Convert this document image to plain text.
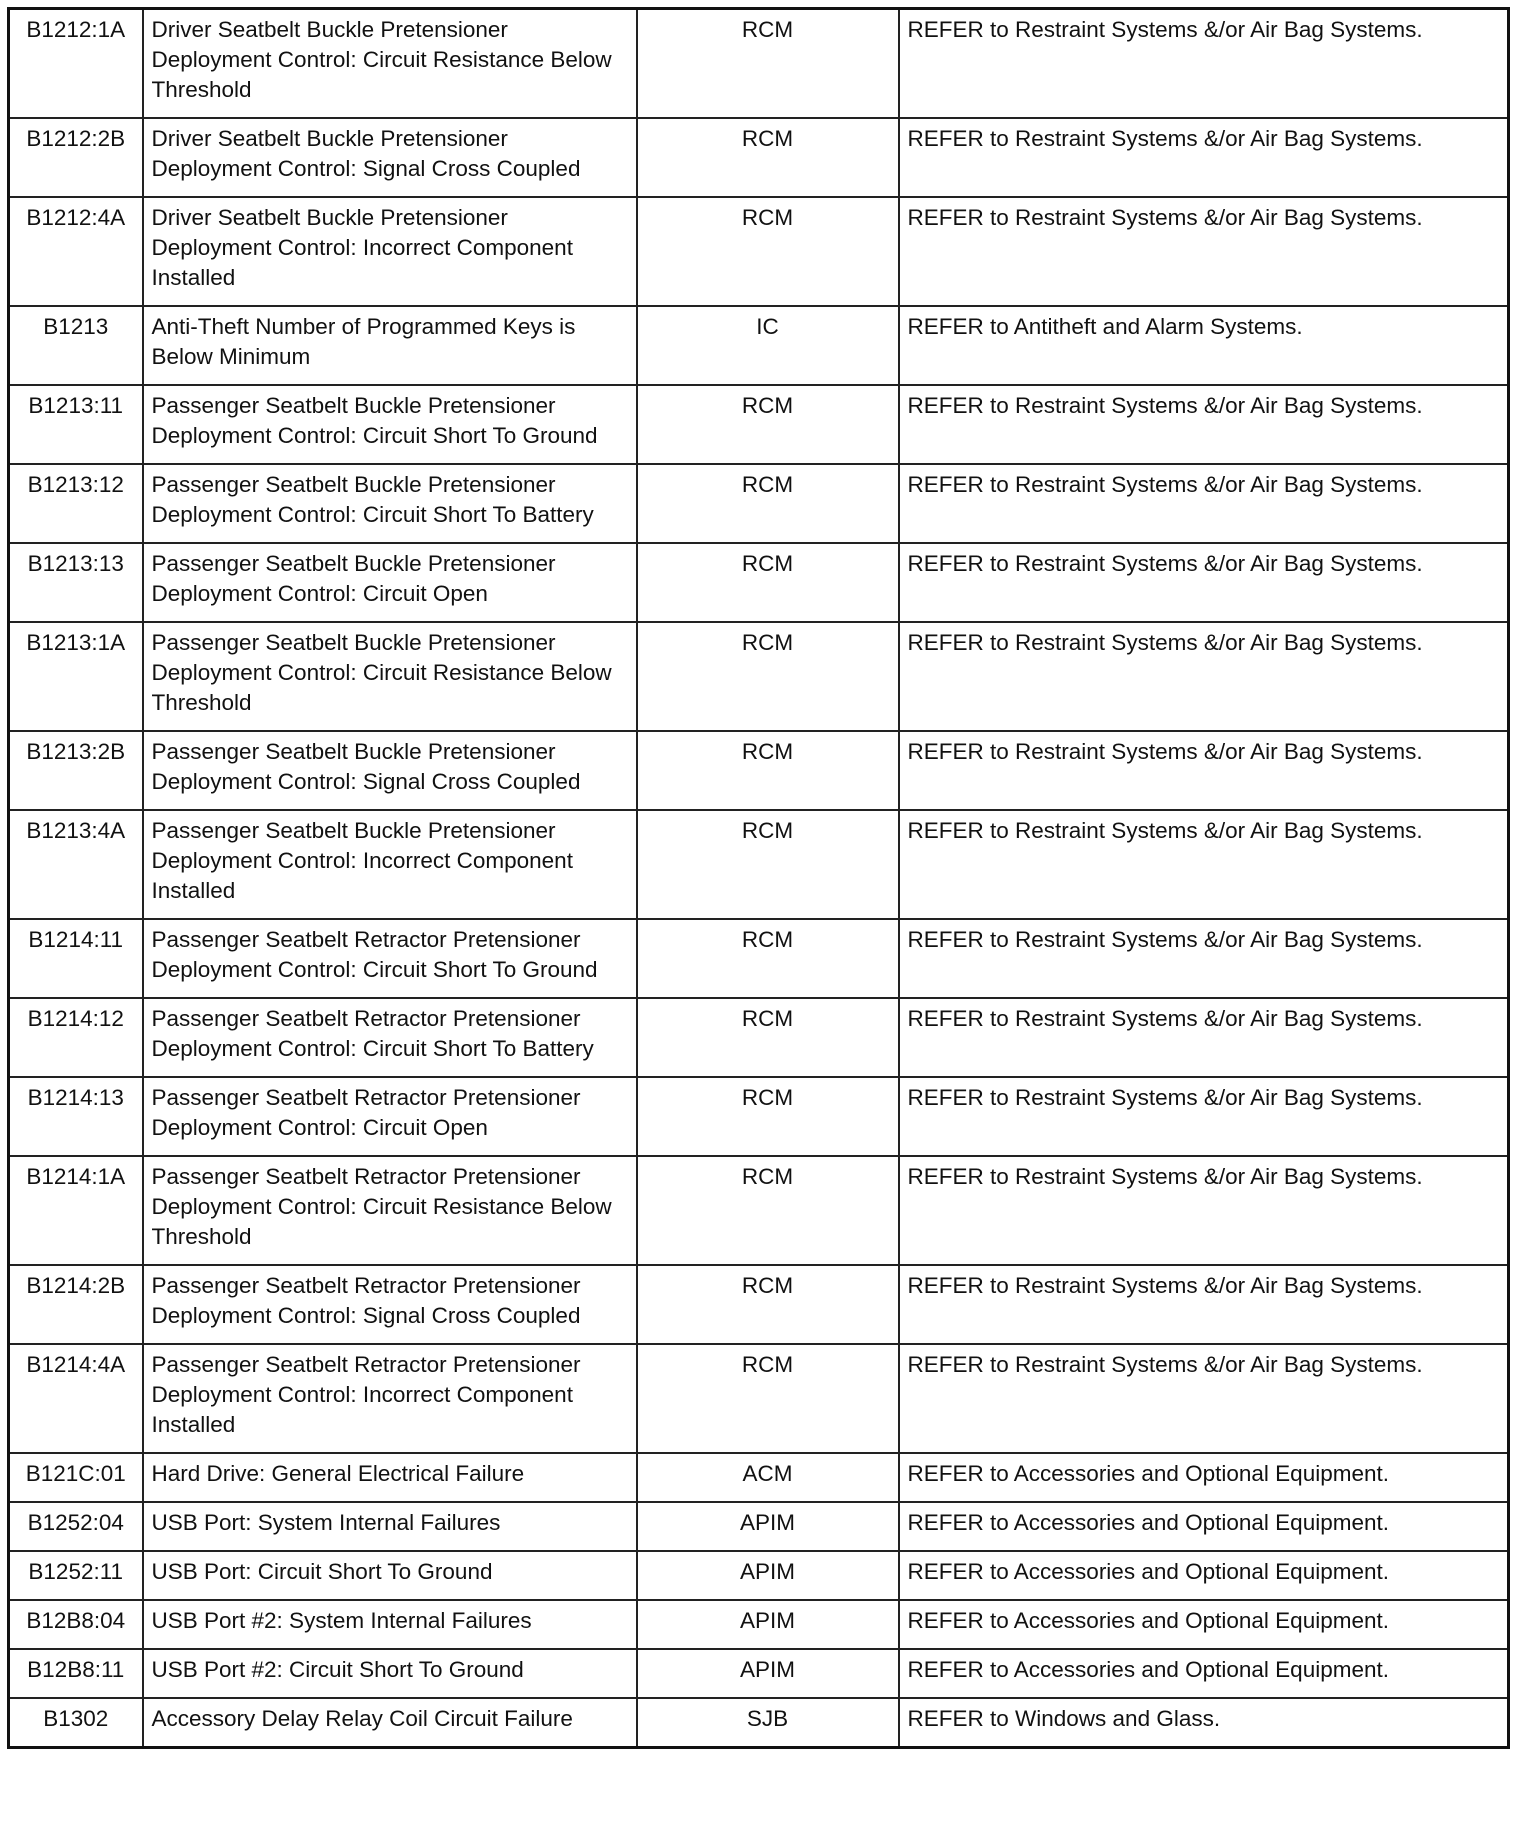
B1212:1A	Driver Seatbelt Buckle Pretensioner Deployment Control: Circuit Resistance Below Threshold	RCM	REFER to Restraint Systems &/or Air Bag Systems.
B1212:2B	Driver Seatbelt Buckle Pretensioner Deployment Control: Signal Cross Coupled	RCM	REFER to Restraint Systems &/or Air Bag Systems.
B1212:4A	Driver Seatbelt Buckle Pretensioner Deployment Control: Incorrect Component Installed	RCM	REFER to Restraint Systems &/or Air Bag Systems.
B1213	Anti-Theft Number of Programmed Keys is Below Minimum	IC	REFER to Antitheft and Alarm Systems.
B1213:11	Passenger Seatbelt Buckle Pretensioner Deployment Control: Circuit Short To Ground	RCM	REFER to Restraint Systems &/or Air Bag Systems.
B1213:12	Passenger Seatbelt Buckle Pretensioner Deployment Control: Circuit Short To Battery	RCM	REFER to Restraint Systems &/or Air Bag Systems.
B1213:13	Passenger Seatbelt Buckle Pretensioner Deployment Control: Circuit Open	RCM	REFER to Restraint Systems &/or Air Bag Systems.
B1213:1A	Passenger Seatbelt Buckle Pretensioner Deployment Control: Circuit Resistance Below Threshold	RCM	REFER to Restraint Systems &/or Air Bag Systems.
B1213:2B	Passenger Seatbelt Buckle Pretensioner Deployment Control: Signal Cross Coupled	RCM	REFER to Restraint Systems &/or Air Bag Systems.
B1213:4A	Passenger Seatbelt Buckle Pretensioner Deployment Control: Incorrect Component Installed	RCM	REFER to Restraint Systems &/or Air Bag Systems.
B1214:11	Passenger Seatbelt Retractor Pretensioner Deployment Control: Circuit Short To Ground	RCM	REFER to Restraint Systems &/or Air Bag Systems.
B1214:12	Passenger Seatbelt Retractor Pretensioner Deployment Control: Circuit Short To Battery	RCM	REFER to Restraint Systems &/or Air Bag Systems.
B1214:13	Passenger Seatbelt Retractor Pretensioner Deployment Control: Circuit Open	RCM	REFER to Restraint Systems &/or Air Bag Systems.
B1214:1A	Passenger Seatbelt Retractor Pretensioner Deployment Control: Circuit Resistance Below Threshold	RCM	REFER to Restraint Systems &/or Air Bag Systems.
B1214:2B	Passenger Seatbelt Retractor Pretensioner Deployment Control: Signal Cross Coupled	RCM	REFER to Restraint Systems &/or Air Bag Systems.
B1214:4A	Passenger Seatbelt Retractor Pretensioner Deployment Control: Incorrect Component Installed	RCM	REFER to Restraint Systems &/or Air Bag Systems.
B121C:01	Hard Drive: General Electrical Failure	ACM	REFER to Accessories and Optional Equipment.
B1252:04	USB Port: System Internal Failures	APIM	REFER to Accessories and Optional Equipment.
B1252:11	USB Port: Circuit Short To Ground	APIM	REFER to Accessories and Optional Equipment.
B12B8:04	USB Port #2: System Internal Failures	APIM	REFER to Accessories and Optional Equipment.
B12B8:11	USB Port #2: Circuit Short To Ground	APIM	REFER to Accessories and Optional Equipment.
B1302	Accessory Delay Relay Coil Circuit Failure	SJB	REFER to Windows and Glass.
